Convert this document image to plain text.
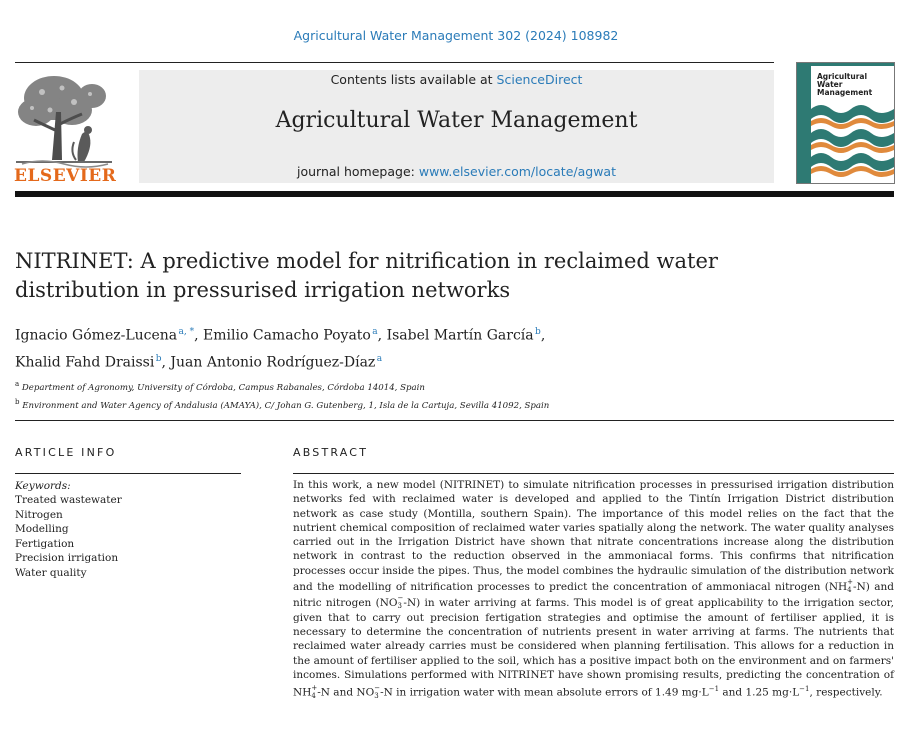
Agricultural Water Management 302 (2024) 108982
ELSEVIER
Contents lists available at ScienceDirect
Agricultural Water Management
journal homepage: www.elsevier.com/locate/agwat
Agricultural Water Management
NITRINET: A predictive model for nitrification in reclaimed water distribution in pressurised irrigation networks
Ignacio Gómez-Lucena $^{a, *}$, Emilio Camacho Poyato $^a$, Isabel Martín García $^b$,
Khalid Fahd Draissi $^b$, Juan Antonio Rodríguez-Díaz $^a$
$^a$ Department of Agronomy, University of Córdoba, Campus Rabanales, Córdoba 14014, Spain
$^b$ Environment and Water Agency of Andalusia (AMAYA), C/ Johan G. Gutenberg, 1, Isla de la Cartuja, Sevilla 41092, Spain
ARTICLE INFO	ABSTRACT
Keywords:
Treated wastewater
Nitrogen
Modelling
Fertigation
Precision irrigation
Water quality

In this work, a new model (NITRINET) to simulate nitrification processes in pressurised irrigation distribution networks fed with reclaimed water is developed and applied to the Tintín Irrigation District distribution network as case study (Montilla, southern Spain). The importance of this model relies on the fact that the nutrient chemical composition of reclaimed water varies spatially along the network. The water quality analyses carried out in the Irrigation District have shown that nitrate concentrations increase along the distribution network in contrast to the reduction observed in the ammoniacal forms. This confirms that nitrification processes occur inside the pipes. Thus, the model combines the hydraulic simulation of the distribution network and the modelling of nitrification processes to predict the concentration of ammoniacal nitrogen (NH +
4 -N) and nitric nitrogen (NO −
3 -N) in water arriving at farms. This model is of great applicability to the irrigation sector, given that to carry out precision fertigation strategies and optimise the amount of fertiliser applied, it is necessary to determine the concentration of nutrients present in water arriving at farms. The nutrients that reclaimed water already carries must be considered when planning fertilisation. This allows for a reduction in the amount of fertiliser applied to the soil, which has a positive impact both on the environment and on farmers' incomes. Simulations performed with NITRINET have shown promising results, predicting the concentration of NH +
4 -N and NO −
3 -N in irrigation water with mean absolute errors of 1.49 $mg\cdot L^{-1}$ and 1.25 $mg\cdot L^{-1}$, respectively.
